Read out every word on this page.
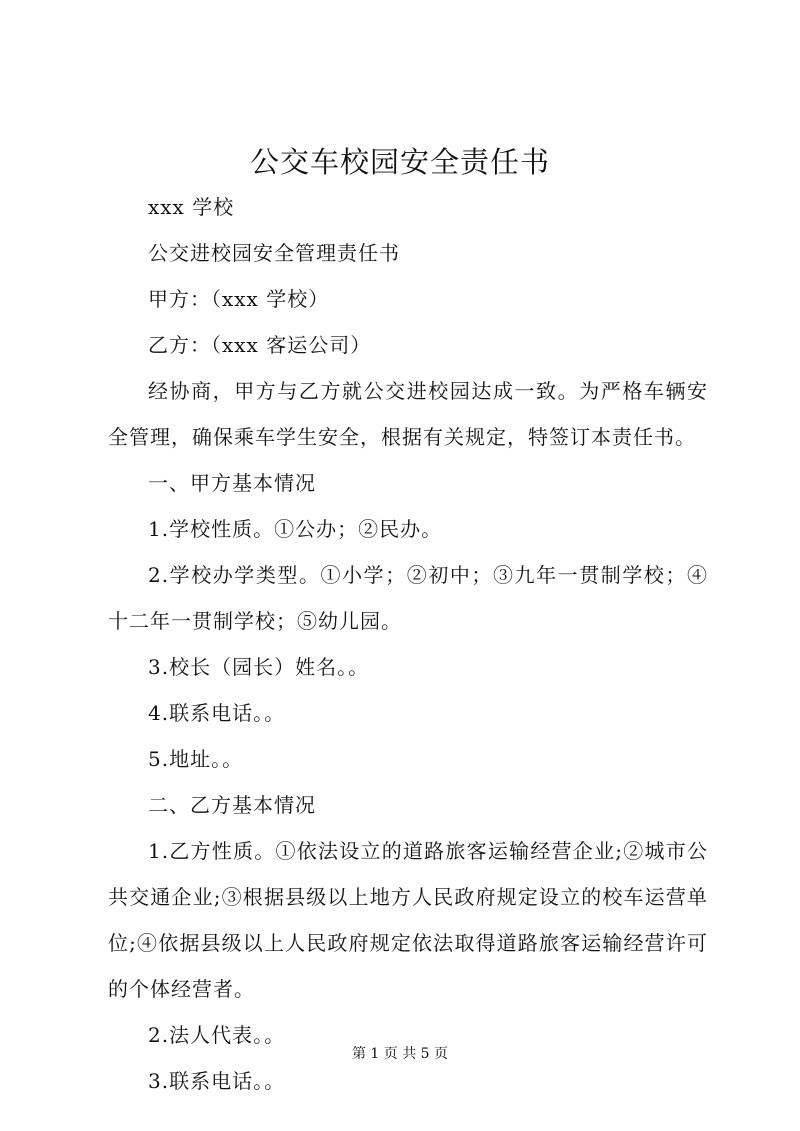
公交车校园安全责任书

xxx 学校

公交进校园安全管理责任书

甲方：（xxx 学校）

乙方：（xxx 客运公司）

经协商，甲方与乙方就公交进校园达成一致。为严格车辆安全管理，确保乘车学生安全，根据有关规定，特签订本责任书。

一、甲方基本情况

1.学校性质。①公办；②民办。

2.学校办学类型。①小学；②初中；③九年一贯制学校；④十二年一贯制学校；⑤幼儿园。

3.校长（园长）姓名。。

4.联系电话。。

5.地址。。

二、乙方基本情况

1.乙方性质。①依法设立的道路旅客运输经营企业;②城市公共交通企业;③根据县级以上地方人民政府规定设立的校车运营单位;④依据县级以上人民政府规定依法取得道路旅客运输经营许可的个体经营者。

2.法人代表。。

3.联系电话。。

第 1 页 共 5 页
